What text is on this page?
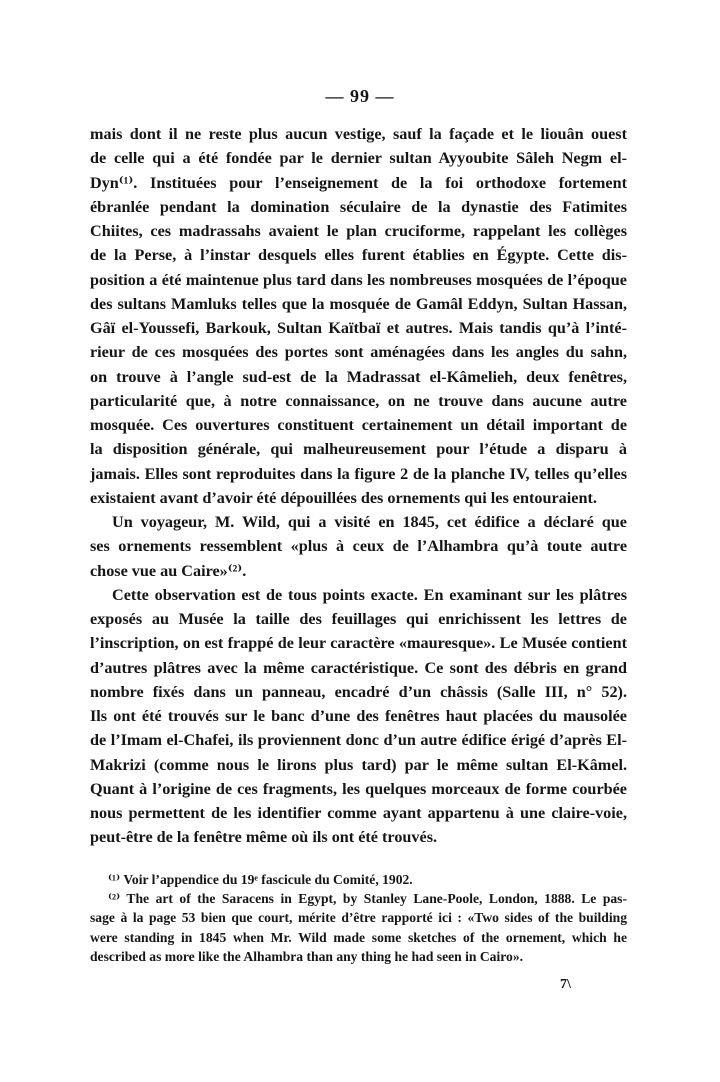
— 99 —
mais dont il ne reste plus aucun vestige, sauf la façade et le liouân ouest
de celle qui a été fondée par le dernier sultan Ayyoubite Sâleh Negm el-
Dyn⁽¹⁾. Instituées pour l’enseignement de la foi orthodoxe fortement
ébranlée pendant la domination séculaire de la dynastie des Fatimites
Chiites, ces madrassahs avaient le plan cruciforme, rappelant les collèges
de la Perse, à l’instar desquels elles furent établies en Égypte. Cette dis-
position a été maintenue plus tard dans les nombreuses mosquées de l’époque
des sultans Mamluks telles que la mosquée de Gamâl Eddyn, Sultan Hassan,
Gâï el-Youssefi, Barkouk, Sultan Kaïtbaï et autres. Mais tandis qu’à l’inté-
rieur de ces mosquées des portes sont aménagées dans les angles du sahn,
on trouve à l’angle sud-est de la Madrassat el-Kâmelieh, deux fenêtres,
particularité que, à notre connaissance, on ne trouve dans aucune autre
mosquée. Ces ouvertures constituent certainement un détail important de
la disposition générale, qui malheureusement pour l’étude a disparu à
jamais. Elles sont reproduites dans la figure 2 de la planche IV, telles qu’elles
existaient avant d’avoir été dépouillées des ornements qui les entouraient.
Un voyageur, M. Wild, qui a visité en 1845, cet édifice a déclaré que
ses ornements ressemblent «plus à ceux de l’Alhambra qu’à toute autre
chose vue au Caire»⁽²⁾.
Cette observation est de tous points exacte. En examinant sur les plâtres
exposés au Musée la taille des feuillages qui enrichissent les lettres de
l’inscription, on est frappé de leur caractère «mauresque». Le Musée contient
d’autres plâtres avec la même caractéristique. Ce sont des débris en grand
nombre fixés dans un panneau, encadré d’un châssis (Salle III, n° 52).
Ils ont été trouvés sur le banc d’une des fenêtres haut placées du mausolée
de l’Imam el-Chafei, ils proviennent donc d’un autre édifice érigé d’après El-
Makrizi (comme nous le lirons plus tard) par le même sultan El-Kâmel.
Quant à l’origine de ces fragments, les quelques morceaux de forme courbée
nous permettent de les identifier comme ayant appartenu à une claire-voie,
peut-être de la fenêtre même où ils ont été trouvés.
⁽¹⁾ Voir l’appendice du 19ᵉ fascicule du Comité, 1902.
⁽²⁾ The art of the Saracens in Egypt, by Stanley Lane-Poole, London, 1888. Le pas-
sage à la page 53 bien que court, mérite d’être rapporté ici : «Two sides of the building
were standing in 1845 when Mr. Wild made some sketches of the ornement, which he
described as more like the Alhambra than any thing he had seen in Cairo».
7\
